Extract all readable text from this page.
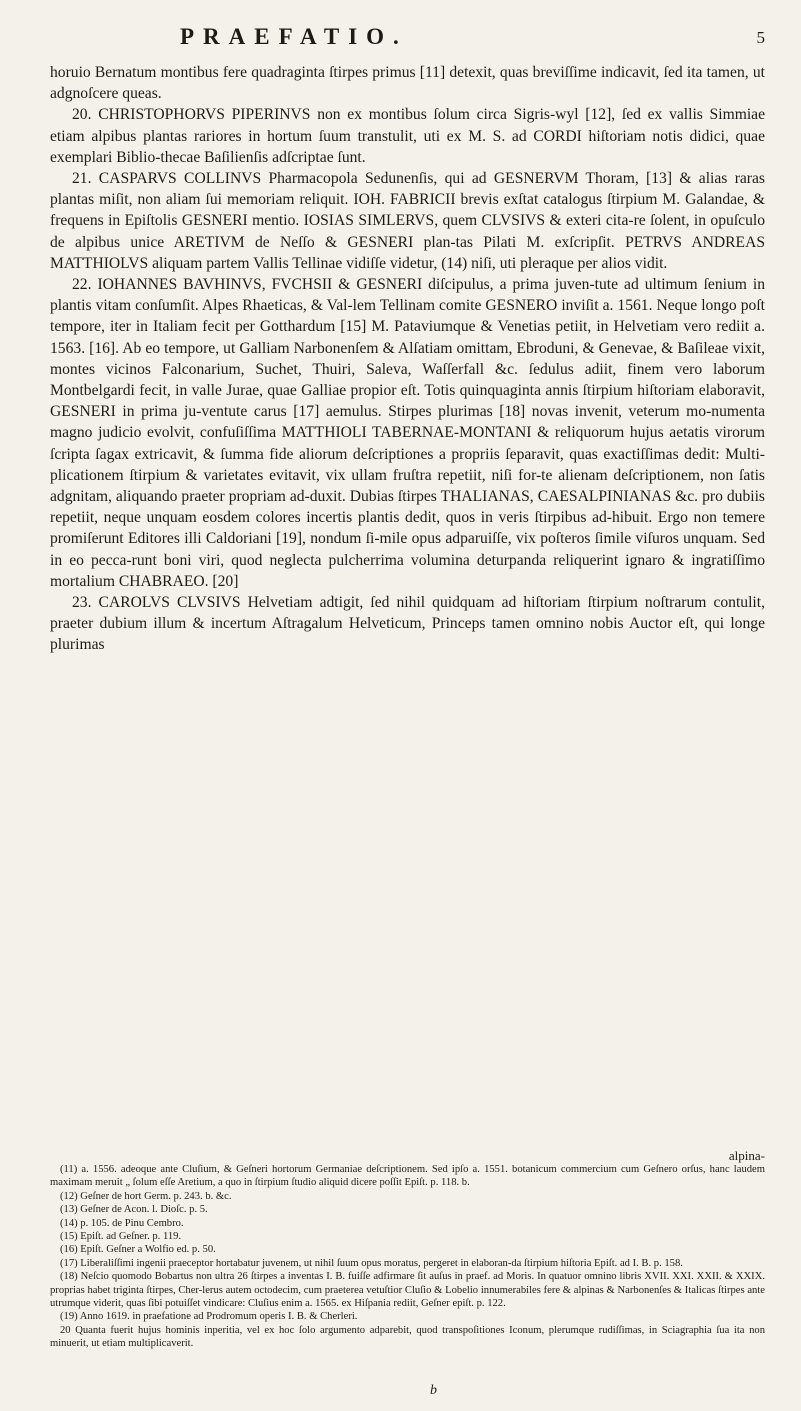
PRAEFATIO.	5

horuio Bernatum montibus fere quadraginta ſtirpes primus [11] detexit, quas breviſſime indicavit, ſed ita tamen, ut adgnoſcere queas.

20. CHRISTOPHORVS PIPERINVS non ex montibus ſolum circa Sigris-wyl [12], ſed ex vallis Simmiae etiam alpibus plantas rariores in hortum ſuum transtulit, uti ex M. S. ad CORDI hiſtoriam notis didici, quae exemplari Biblio-thecae Baſilienſis adſcriptae ſunt.

21. CASPARVS COLLINVS Pharmacopola Sedunenſis, qui ad GESNERVM Thoram, [13] & alias raras plantas miſit, non aliam ſui memoriam reliquit. IOH. FABRICII brevis exſtat catalogus ſtirpium M. Galandae, & frequens in Epiſtolis GESNERI mentio. IOSIAS SIMLERVS, quem CLVSIVS & exteri cita-re ſolent, in opuſculo de alpibus unice ARETIVM de Neſſo & GESNERI plan-tas Pilati M. exſcripſit. PETRVS ANDREAS MATTHIOLVS aliquam partem Vallis Tellinae vidiſſe videtur, (14) niſi, uti pleraque per alios vidit.

22. IOHANNES BAVHINVS, FVCHSII & GESNERI diſcipulus, a prima juven-tute ad ultimum ſenium in plantis vitam conſumſit. Alpes Rhaeticas, & Val-lem Tellinam comite GESNERO inviſit a. 1561. Neque longo poſt tempore, iter in Italiam fecit per Gotthardum [15] M. Pataviumque & Venetias petiit, in Helvetiam vero rediit a. 1563. [16]. Ab eo tempore, ut Galliam Narbonenſem & Alſatiam omittam, Ebroduni, & Genevae, & Baſileae vixit, montes vicinos Falconarium, Suchet, Thuiri, Saleva, Waſſerfall &c. ſedulus adiit, finem vero laborum Montbelgardi fecit, in valle Jurae, quae Galliae propior eſt. Totis quinquaginta annis ſtirpium hiſtoriam elaboravit, GESNERI in prima ju-ventute carus [17] aemulus. Stirpes plurimas [18] novas invenit, veterum mo-numenta magno judicio evolvit, confuſiſſima MATTHIOLI TABERNAE-MONTANI & reliquorum hujus aetatis virorum ſcripta ſagax extricavit, & ſumma fide aliorum deſcriptiones a propriis ſeparavit, quas exactiſſimas dedit: Multi-plicationem ſtirpium & varietates evitavit, vix ullam fruſtra repetiit, niſi for-te alienam deſcriptionem, non ſatis adgnitam, aliquando praeter propriam ad-duxit. Dubias ſtirpes THALIANAS, CAESALPINIANAS &c. pro dubiis repetiit, neque unquam eosdem colores incertis plantis dedit, quos in veris ſtirpibus ad-hibuit. Ergo non temere promiſerunt Editores illi Caldoriani [19], nondum ſi-mile opus adparuiſſe, vix poſteros ſimile viſuros unquam. Sed in eo pecca-runt boni viri, quod neglecta pulcherrima volumina deturpanda reliquerint ignaro & ingratiſſimo mortalium CHABRAEO. [20]

23. CAROLVS CLVSIVS Helvetiam adtigit, ſed nihil quidquam ad hiſtoriam ſtirpium noſtrarum contulit, praeter dubium illum & incertum Aſtragalum Helveticum, Princeps tamen omnino nobis Auctor eſt, qui longe plurimas

alpina-

(11) a. 1556. adeoque ante Cluſium, & Geſneri hortorum Germaniae deſcriptionem. Sed ipſo a. 1551. botanicum commercium cum Geſnero orſus, hanc laudem maximam meruit „ ſolum eſſe Aretium, a quo in ſtirpium ſtudio aliquid dicere poſſit Epiſt. p. 118. b.

(12) Geſner de hort Germ. p. 243. b. &c.

(13) Geſner de Acon. l. Dioſc. p. 5.

(14) p. 105. de Pinu Cembro.

(15) Epiſt. ad Geſner. p. 119.

(16) Epiſt. Geſner a Wolfio ed. p. 50.

(17) Liberaliſſimi ingenii praeceptor hortabatur juvenem, ut nihil ſuum opus moratus, pergeret in elaboran-da ſtirpium hiſtoria Epiſt. ad I. B. p. 158.

(18) Neſcio quomodo Bobartus non ultra 26 ſtirpes a inventas I. B. fuiſſe adfirmare ſit auſus in praef. ad Moris. In quatuor omnino libris XVII. XXI. XXII. & XXIX. proprias habet triginta ſtirpes, Cher-lerus autem octodecim, cum praeterea vetuſtior Cluſio & Lobelio innumerabiles fere & alpinas & Narbonenſes & Italicas ſtirpes ante utrumque viderit, quas ſibi potuiſſet vindicare: Cluſius enim a. 1565. ex Hiſpania rediit, Geſner epiſt. p. 122.

(19) Anno 1619. in praefatione ad Prodromum operis I. B. & Cherleri.

20 Quanta fuerit hujus hominis inperitia, vel ex hoc ſolo argumento adparebit, quod transpoſitiones Iconum, plerumque rudiſſimas, in Sciagraphia ſua ita non minuerit, ut etiam multiplicaverit.

b
